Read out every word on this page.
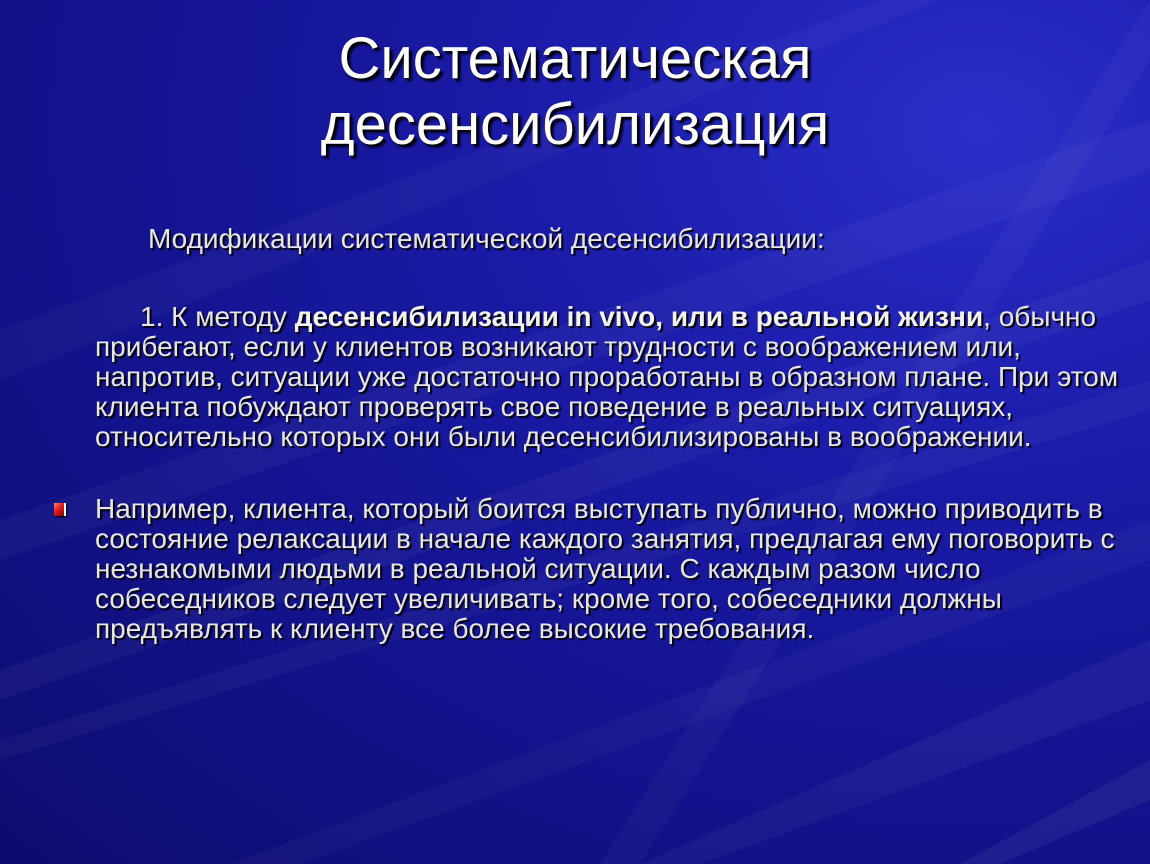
Систематическая
десенсибилизация
Модификации систематической десенсибилизации:
1. К методу десенсибилизации in vivo, или в реальной жизни, обычно прибегают, если у клиентов возникают трудности с воображением или, напротив, ситуации уже достаточно проработаны в образном плане. При этом клиента побуждают проверять свое поведение в реальных ситуациях, относительно которых они были десенсибилизированы в воображении.
Например, клиента, который боится выступать публично, можно приводить в состояние релаксации в начале каждого занятия, предлагая ему поговорить с незнакомыми людьми в реальной ситуации. С каждым разом число собеседников следует увеличивать; кроме того, собеседники должны предъявлять к клиенту все более высокие требования.
